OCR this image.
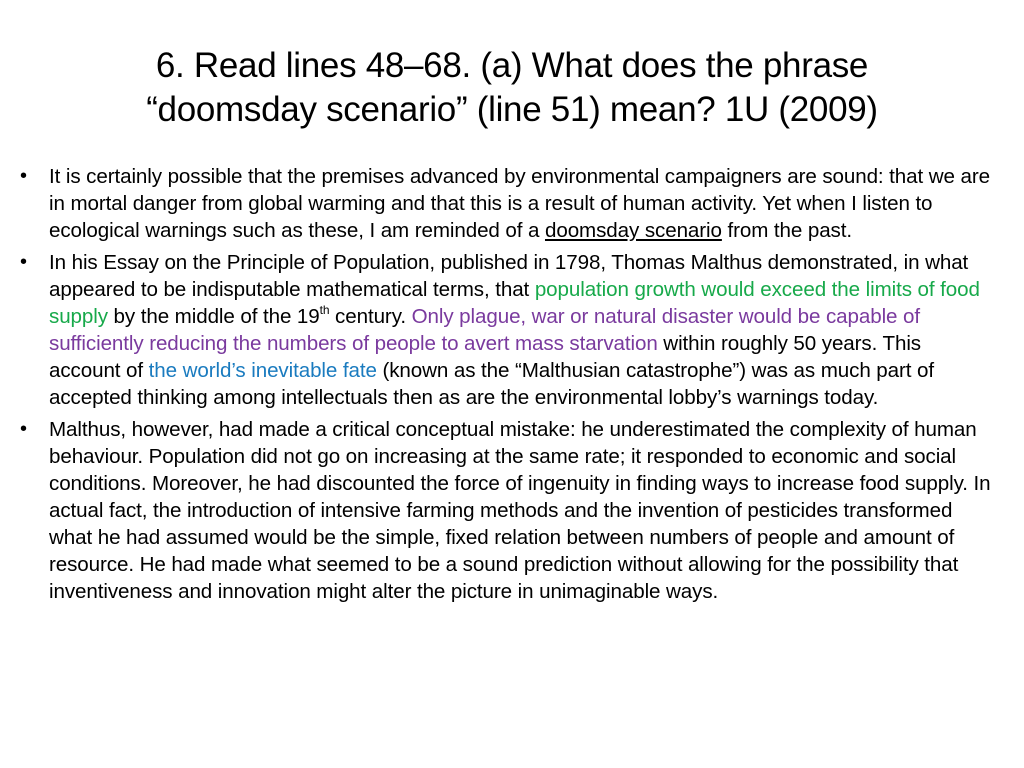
6. Read lines 48–68. (a) What does the phrase
“doomsday scenario” (line 51) mean? 1U (2009)
•	It is certainly possible that the premises advanced by environmental campaigners are sound: that we are in mortal danger from global warming and that this is a result of human activity. Yet when I listen to ecological warnings such as these, I am reminded of a doomsday scenario from the past.
•	In his Essay on the Principle of Population, published in 1798, Thomas Malthus demonstrated, in what appeared to be indisputable mathematical terms, that population growth would exceed the limits of food supply by the middle of the 19th century. Only plague, war or natural disaster would be capable of sufficiently reducing the numbers of people to avert mass starvation within roughly 50 years. This account of the world’s inevitable fate (known as the “Malthusian catastrophe”) was as much part of accepted thinking among intellectuals then as are the environmental lobby’s warnings today.
•	Malthus, however, had made a critical conceptual mistake: he underestimated the complexity of human behaviour. Population did not go on increasing at the same rate; it responded to economic and social conditions. Moreover, he had discounted the force of ingenuity in finding ways to increase food supply. In actual fact, the introduction of intensive farming methods and the invention of pesticides transformed what he had assumed would be the simple, fixed relation between numbers of people and amount of resource. He had made what seemed to be a sound prediction without allowing for the possibility that inventiveness and innovation might alter the picture in unimaginable ways.
